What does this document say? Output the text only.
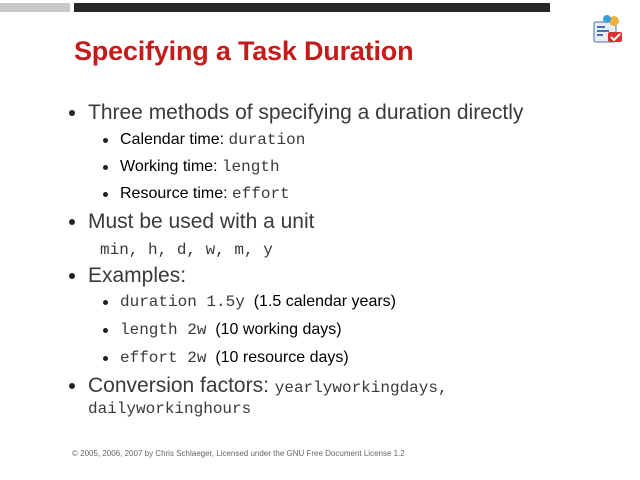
Specifying a Task Duration
Three methods of specifying a duration directly
Calendar time: duration
Working time: length
Resource time: effort
Must be used with a unit
min, h, d, w, m, y
Examples:
duration 1.5y (1.5 calendar years)
length 2w (10 working days)
effort 2w (10 resource days)
Conversion factors: yearlyworkingdays,
dailyworkinghours
© 2005, 2006, 2007 by Chris Schlaeger, Licensed under the GNU Free Document License 1.2
